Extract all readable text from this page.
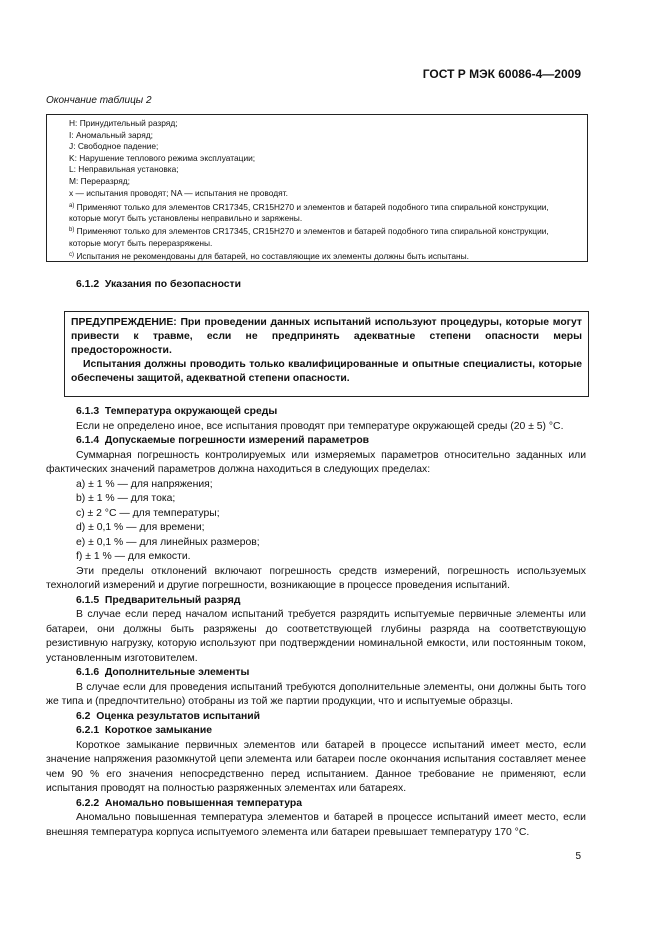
ГОСТ Р МЭК 60086-4—2009
Окончание таблицы 2
H: Принудительный разряд;
I: Аномальный заряд;
J: Свободное падение;
K: Нарушение теплового режима эксплуатации;
L: Неправильная установка;
M: Переразряд;
x — испытания проводят; NA — испытания не проводят.
$^{a)}$ Применяют только для элементов CR17345, CR15H270 и элементов и батарей подобного типа спиральной конструкции, которые могут быть установлены неправильно и заряжены.
$^{b)}$ Применяют только для элементов CR17345, CR15H270 и элементов и батарей подобного типа спиральной конструкции, которые могут быть переразряжены.
$^{c)}$ Испытания не рекомендованы для батарей, но составляющие их элементы должны быть испытаны.
6.1.2 Указания по безопасности

ПРЕДУПРЕЖДЕНИЕ: При проведении данных испытаний используют процедуры, которые могут привести к травме, если не предпринять адекватные степени опасности меры предосторожности.

Испытания должны проводить только квалифицированные и опытные специалисты, которые обеспечены защитой, адекватной степени опасности.

6.1.3 Температура окружающей среды
Если не определено иное, все испытания проводят при температуре окружающей среды (20 ± 5) °С.
6.1.4 Допускаемые погрешности измерений параметров
Суммарная погрешность контролируемых или измеряемых параметров относительно заданных или фактических значений параметров должна находиться в следующих пределах:
a) ± 1 % — для напряжения;
b) ± 1 % — для тока;
c) ± 2 °С — для температуры;
d) ± 0,1 % — для времени;
e) ± 0,1 % — для линейных размеров;
f) ± 1 % — для емкости.
Эти пределы отклонений включают погрешность средств измерений, погрешность используемых технологий измерений и другие погрешности, возникающие в процессе проведения испытаний.
6.1.5 Предварительный разряд
В случае если перед началом испытаний требуется разрядить испытуемые первичные элементы или батареи, они должны быть разряжены до соответствующей глубины разряда на соответствующую резистивную нагрузку, которую используют при подтверждении номинальной емкости, или постоянным током, установленным изготовителем.
6.1.6 Дополнительные элементы
В случае если для проведения испытаний требуются дополнительные элементы, они должны быть того же типа и (предпочтительно) отобраны из той же партии продукции, что и испытуемые образцы.
6.2 Оценка результатов испытаний
6.2.1 Короткое замыкание
Короткое замыкание первичных элементов или батарей в процессе испытаний имеет место, если значение напряжения разомкнутой цепи элемента или батареи после окончания испытания составляет менее чем 90 % его значения непосредственно перед испытанием. Данное требование не применяют, если испытания проводят на полностью разряженных элементах или батареях.
6.2.2 Аномально повышенная температура
Аномально повышенная температура элементов и батарей в процессе испытаний имеет место, если внешняя температура корпуса испытуемого элемента или батареи превышает температуру 170 °С.
5
